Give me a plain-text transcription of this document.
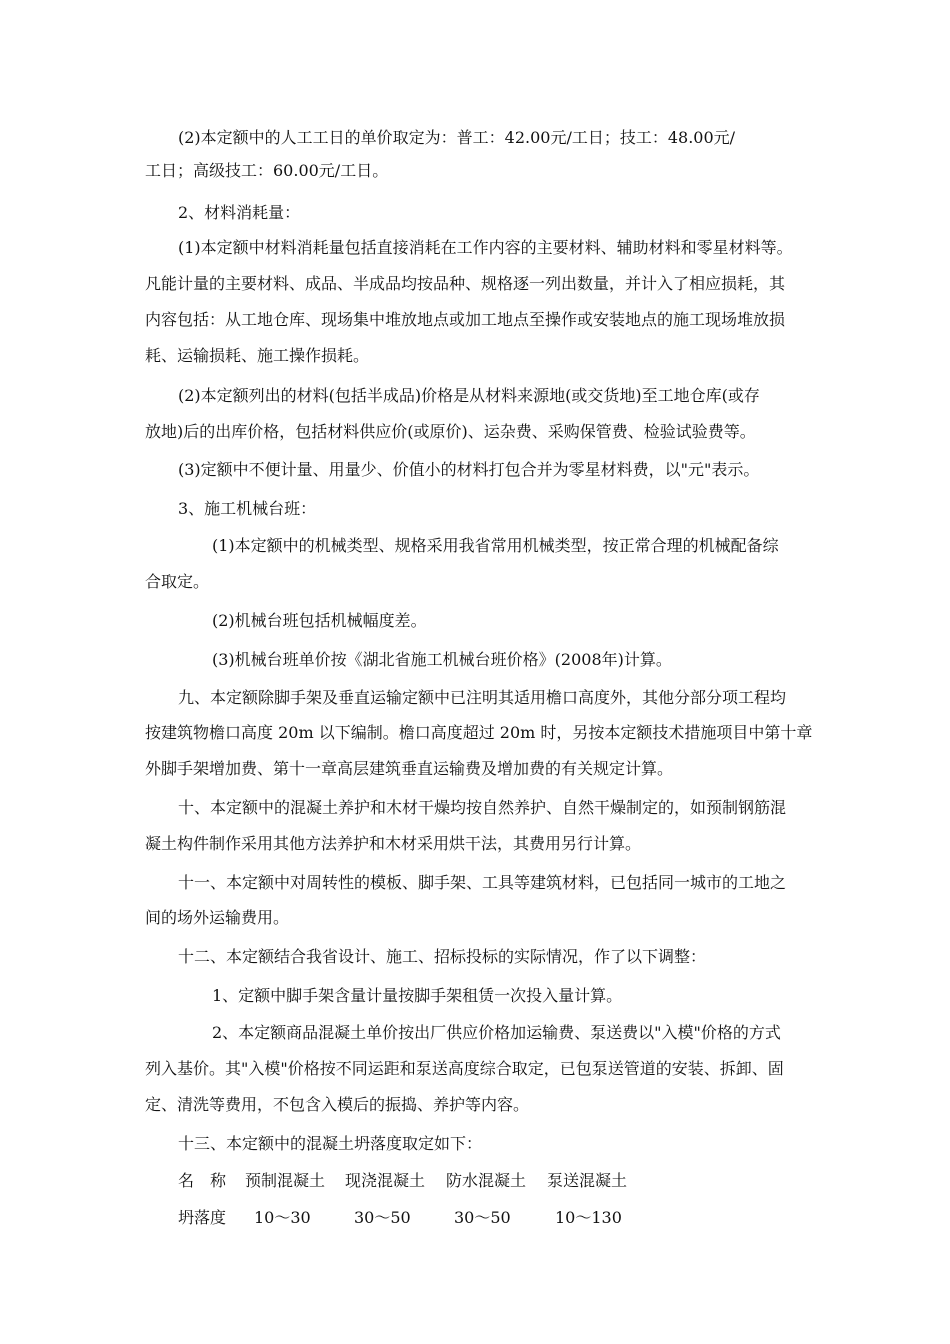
(2)本定额中的人工工日的单价取定为：普工：42.00元/工日；技工：48.00元/
工日；高级技工：60.00元/工日。
2、材料消耗量：
(1)本定额中材料消耗量包括直接消耗在工作内容的主要材料、辅助材料和零星材料等。
凡能计量的主要材料、成品、半成品均按品种、规格逐一列出数量，并计入了相应损耗，其
内容包括：从工地仓库、现场集中堆放地点或加工地点至操作或安装地点的施工现场堆放损
耗、运输损耗、施工操作损耗。
(2)本定额列出的材料(包括半成品)价格是从材料来源地(或交货地)至工地仓库(或存
放地)后的出库价格，包括材料供应价(或原价)、运杂费、采购保管费、检验试验费等。
(3)定额中不便计量、用量少、价值小的材料打包合并为零星材料费，以"元"表示。
3、施工机械台班：
(1)本定额中的机械类型、规格采用我省常用机械类型，按正常合理的机械配备综
合取定。
(2)机械台班包括机械幅度差。
(3)机械台班单价按《湖北省施工机械台班价格》(2008年)计算。
九、本定额除脚手架及垂直运输定额中已注明其适用檐口高度外，其他分部分项工程均
按建筑物檐口高度 20m 以下编制。檐口高度超过 20m 时，另按本定额技术措施项目中第十章
外脚手架增加费、第十一章高层建筑垂直运输费及增加费的有关规定计算。
十、本定额中的混凝土养护和木材干燥均按自然养护、自然干燥制定的，如预制钢筋混
凝土构件制作采用其他方法养护和木材采用烘干法，其费用另行计算。
十一、本定额中对周转性的模板、脚手架、工具等建筑材料，已包括同一城市的工地之
间的场外运输费用。
十二、本定额结合我省设计、施工、招标投标的实际情况，作了以下调整：
1、定额中脚手架含量计量按脚手架租赁一次投入量计算。
2、本定额商品混凝土单价按出厂供应价格加运输费、泵送费以"入模"价格的方式
列入基价。其"入模"价格按不同运距和泵送高度综合取定，已包泵送管道的安装、拆卸、固
定、清洗等费用，不包含入模后的振捣、养护等内容。
十三、本定额中的混凝土坍落度取定如下：
名　称 预制混凝土 现浇混凝土 防水混凝土 泵送混凝土
坍落度 10～30	30～50	30～50	10～130
